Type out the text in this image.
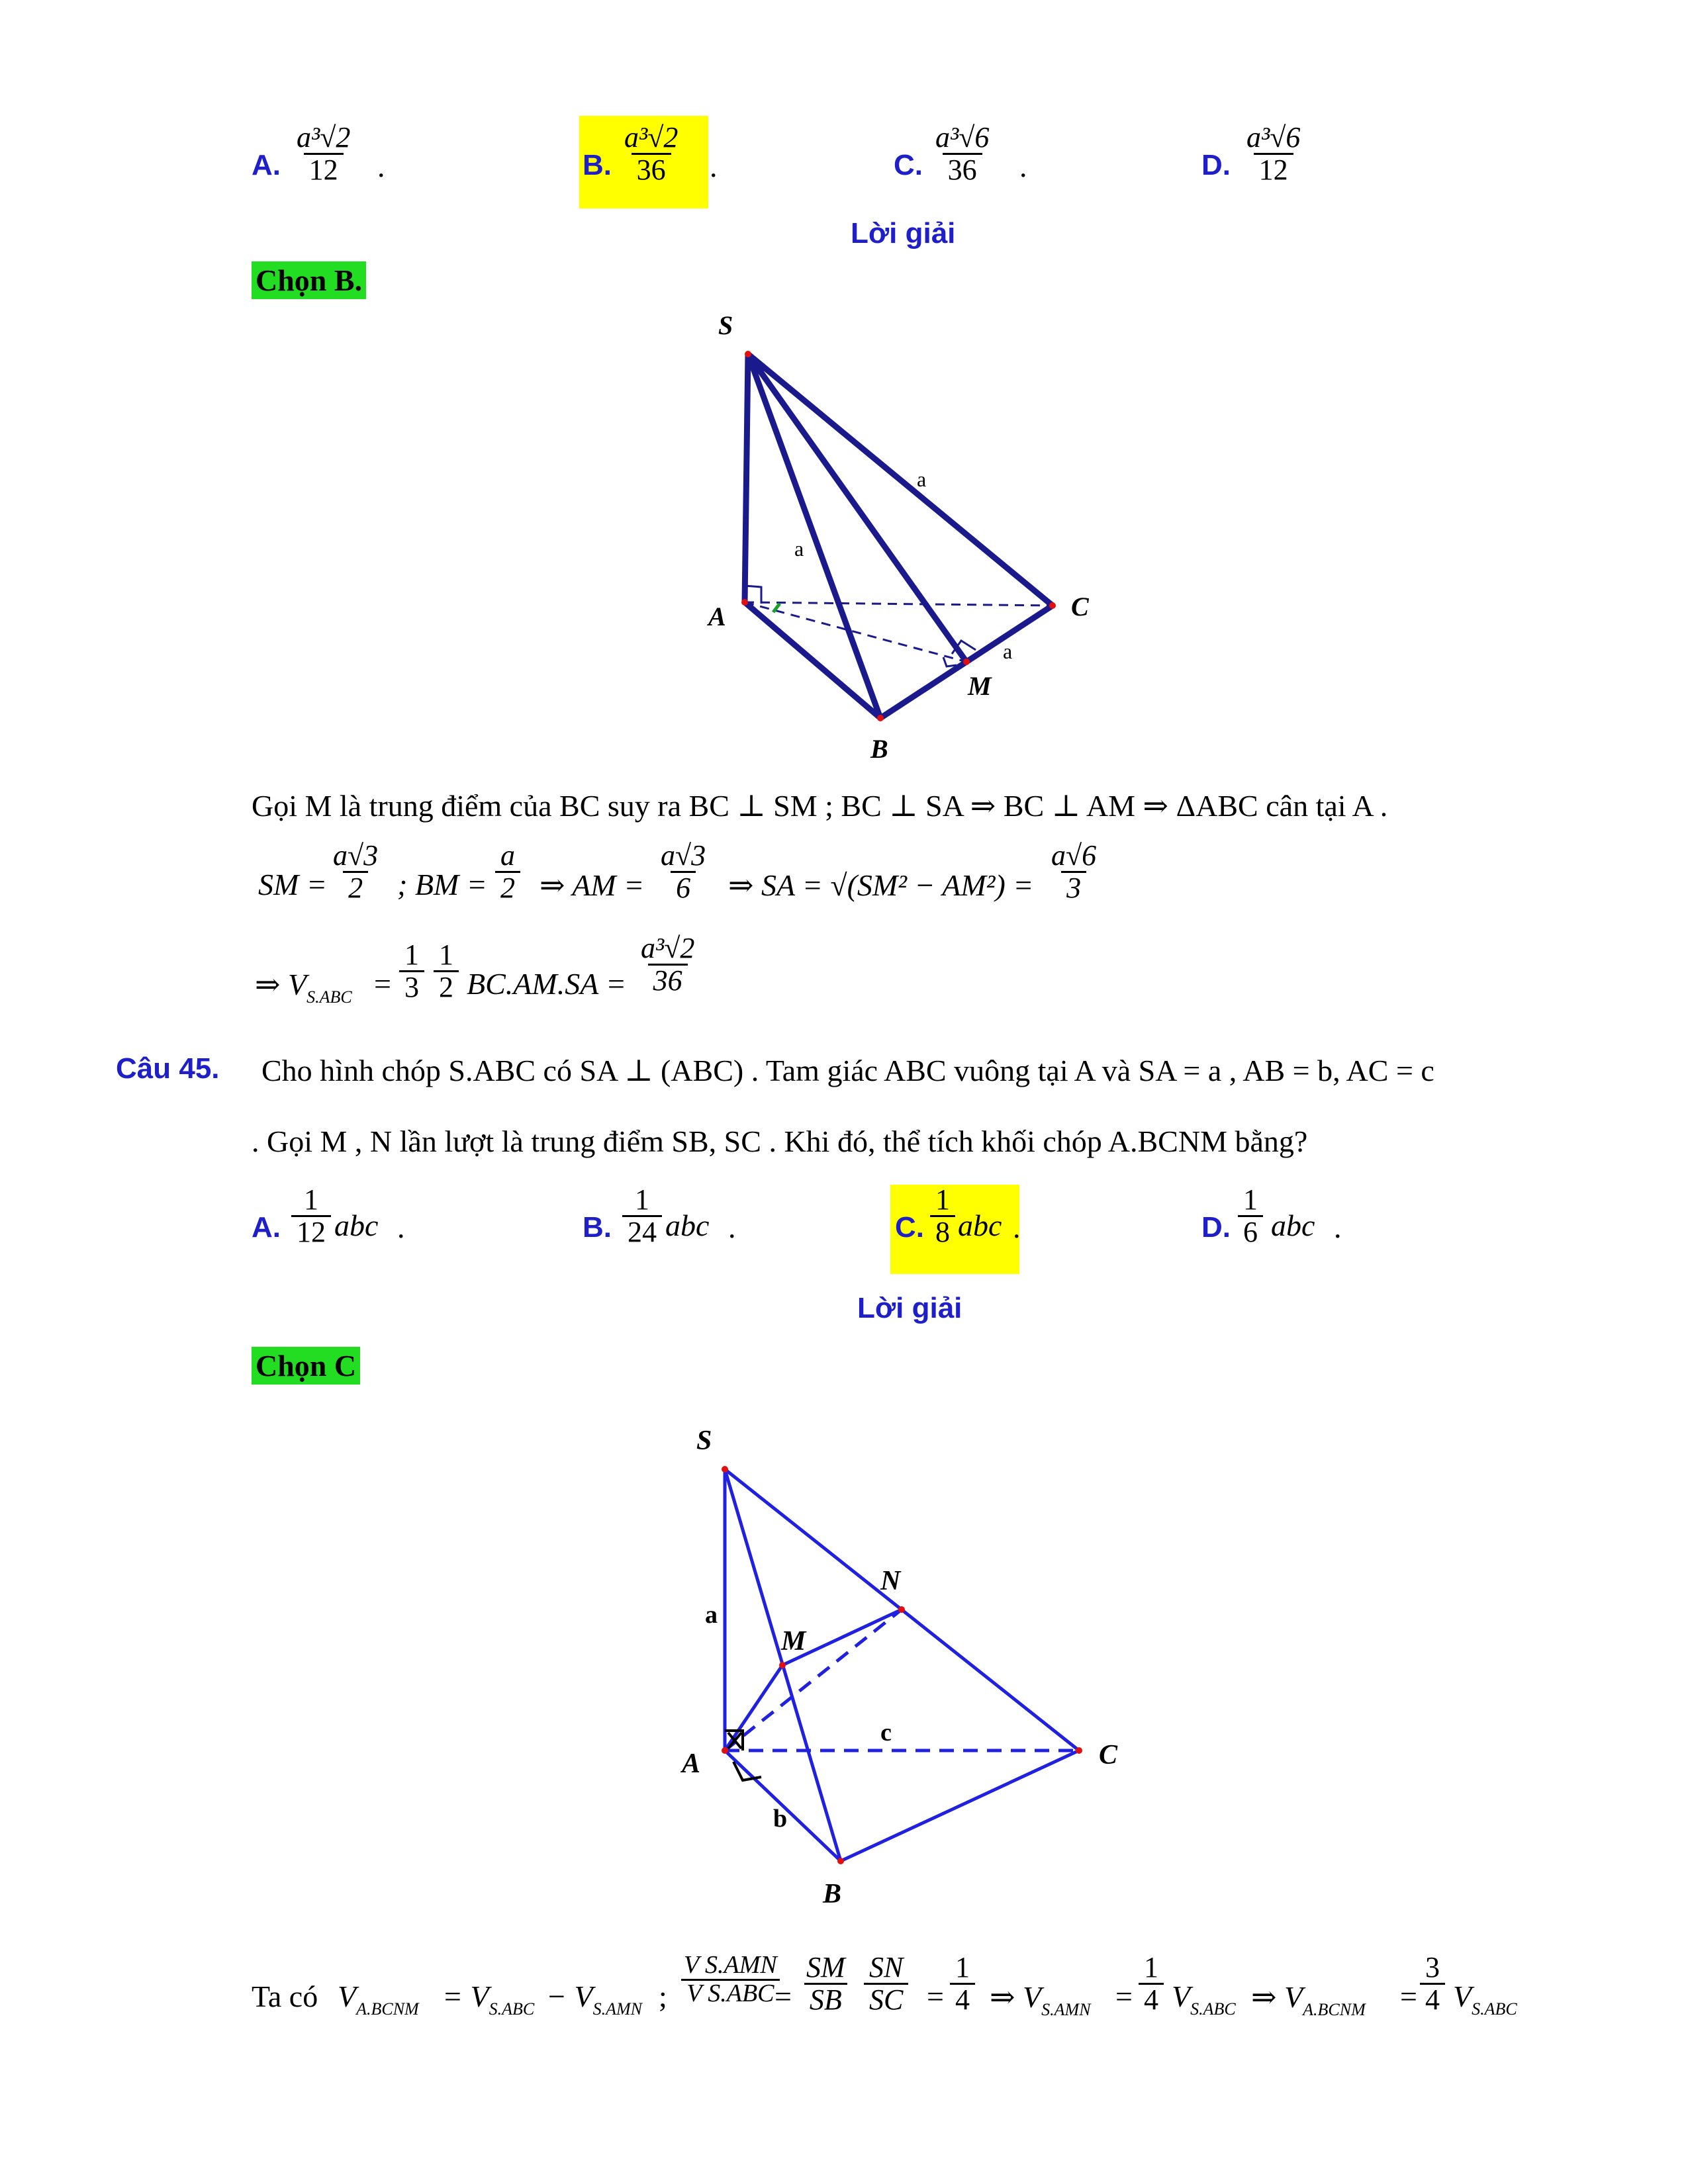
A. $\frac{\text{a³√2}}{12}$ .	B. $\frac{\text{a³√2}}{36}$ .	C. $\frac{\text{a³√6}}{36}$ .	D. $\frac{\text{a³√6}}{12}$
Lời giải
Chọn B.
S
A
B
C
M
a
a
a
Gọi M là trung điểm của BC suy ra BC ⊥ SM ; BC ⊥ SA ⇒ BC ⊥ AM ⇒ ΔABC cân tại A .
SM = $\frac{a√3}{2}$ ; BM = $\frac{a}{2}$ ⇒ AM = $\frac{a√3}{6}$ ⇒ SA = $√(SM^2 - AM^2) = \frac{a√6}{3}$
⇒ $V_{S.ABC} = \frac{1}{3} \frac{1}{2} BC.AM.SA = \frac{\text{a³√2}}{36}$
Câu 45. Cho hình chóp S.ABC có SA ⊥ (ABC) . Tam giác ABC vuông tại A và SA = a , AB = b, AC = c
. Gọi M , N lần lượt là trung điểm SB, SC . Khi đó, thể tích khối chóp A.BCNM bằng?
A. $\frac{1}{12}$ abc .	B. $\frac{1}{24}$ abc .	C. $\frac{1}{8}$ abc .	D. $\frac{1}{6}$ abc .
Lời giải
Chọn C
S
A
B
C
M
N
a
c
b
Ta có $V_{A.BCNM} = V_{S.ABC} - V_{S.AMN}$ ;
V S.AMN
V $S.ABC = \frac{SM}{SB} \frac{SN}{SC} = \frac{1}{4}$ ⇒ $V_{S.AMN} = \frac{1}{4} V_{S.ABC}$ ⇒ $V_{A.BCNM} = \frac{3}{4} V_{S.ABC}$
